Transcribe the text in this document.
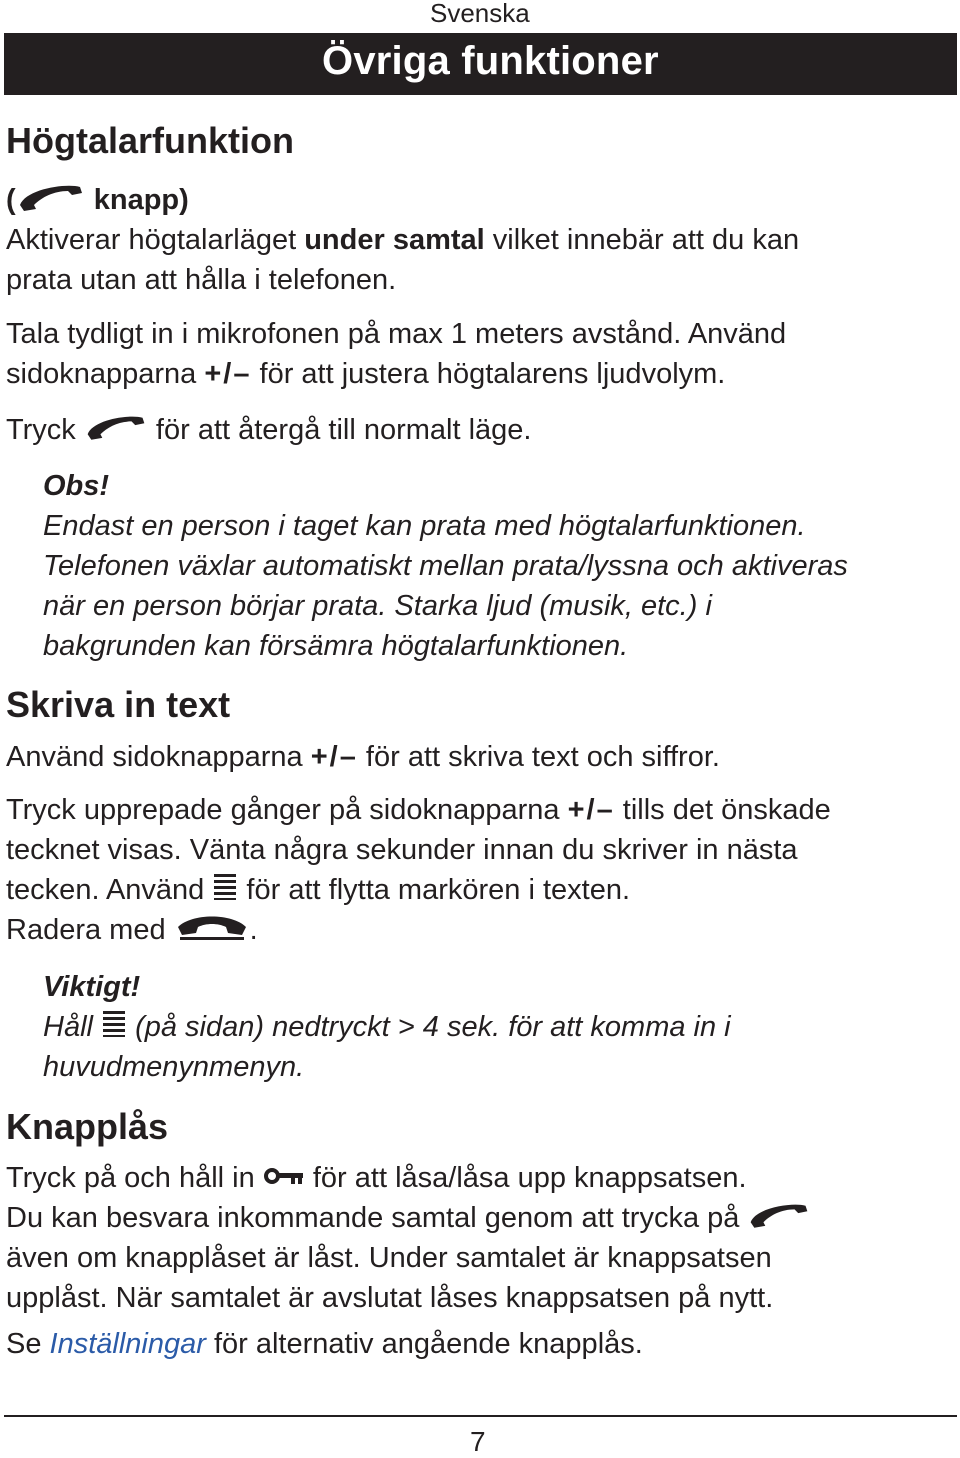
Svenska
Övriga funktioner
Högtalarfunktion
(	knapp)
Aktiverar högtalarläget under samtal vilket innebär att du kan
prata utan att hålla i telefonen.
Tala tydligt in i mikrofonen på max 1 meters avstånd. Använd
sidoknapparna +/– för att justera högtalarens ljudvolym.
Tryck  för att återgå till normalt läge.
Obs!
Endast en person i taget kan prata med högtalarfunktionen.
Telefonen växlar automatiskt mellan prata/lyssna och aktiveras
när en person börjar prata. Starka ljud (musik, etc.) i
bakgrunden kan försämra högtalarfunktionen.
Skriva in text
Använd sidoknapparna +/– för att skriva text och siffror.
Tryck upprepade gånger på sidoknapparna +/– tills det önskade
tecknet visas. Vänta några sekunder innan du skriver in nästa
tecken. Använd  för att flytta markören i texten.
Radera med	.
Viktigt!
Håll  (på sidan) nedtryckt > 4 sek. för att komma in i
huvudmenynmenyn.
Knapplås
Tryck på och håll in  för att låsa/låsa upp knappsatsen.
Du kan besvara inkommande samtal genom att trycka på
även om knapplåset är låst. Under samtalet är knappsatsen
upplåst. När samtalet är avslutat låses knappsatsen på nytt.
Se Inställningar för alternativ angående knapplås.
7
